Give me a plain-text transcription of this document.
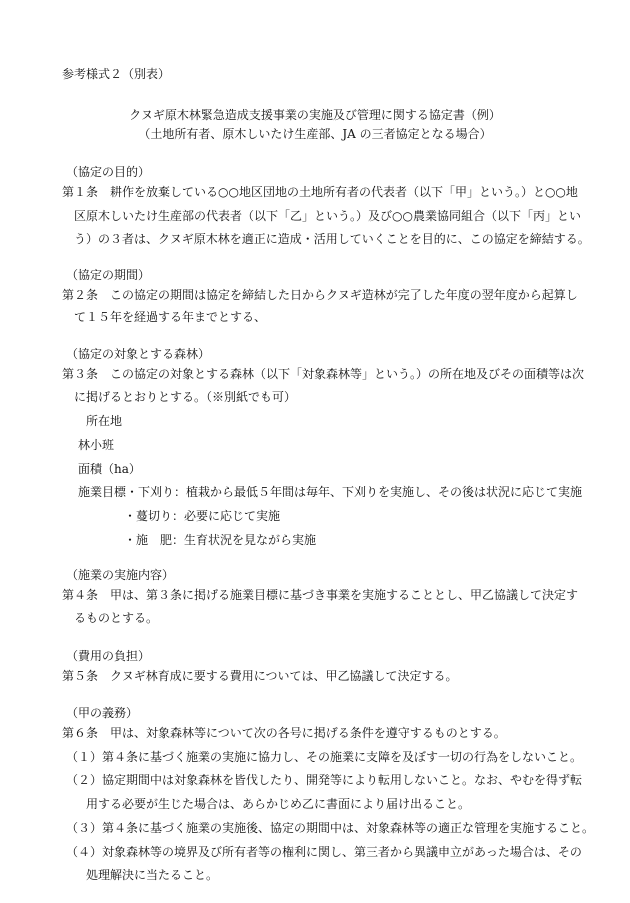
参考様式２（別表）
クヌギ原木林緊急造成支援事業の実施及び管理に関する協定書（例）
（土地所有者、原木しいたけ生産部、JA の三者協定となる場合）
（協定の目的）
第１条　耕作を放棄している○○地区団地の土地所有者の代表者（以下「甲」という。）と○○地
区原木しいたけ生産部の代表者（以下「乙」という。）及び○○農業協同組合（以下「丙」とい
う）の３者は、クヌギ原木林を適正に造成・活用していくことを目的に、この協定を締結する。
（協定の期間）
第２条　この協定の期間は協定を締結した日からクヌギ造林が完了した年度の翌年度から起算し
て１５年を経過する年までとする、
（協定の対象とする森林）
第３条　この協定の対象とする森林（以下「対象森林等」という。）の所在地及びその面積等は次
に掲げるとおりとする。（※別紙でも可）
所在地
林小班
面積（ha）
施業目標・下刈り：植栽から最低５年間は毎年、下刈りを実施し、その後は状況に応じて実施
・蔓切り：必要に応じて実施
・施　肥：生育状況を見ながら実施
（施業の実施内容）
第４条　甲は、第３条に掲げる施業目標に基づき事業を実施することとし、甲乙協議して決定す
るものとする。
（費用の負担）
第５条　クヌギ林育成に要する費用については、甲乙協議して決定する。
（甲の義務）
第６条　甲は、対象森林等について次の各号に掲げる条件を遵守するものとする。
（１）第４条に基づく施業の実施に協力し、その施業に支障を及ぼす一切の行為をしないこと。
（２）協定期間中は対象森林を皆伐したり、開発等により転用しないこと。なお、やむを得ず転
用する必要が生じた場合は、あらかじめ乙に書面により届け出ること。
（３）第４条に基づく施業の実施後、協定の期間中は、対象森林等の適正な管理を実施すること。
（４）対象森林等の境界及び所有者等の権利に関し、第三者から異議申立があった場合は、その
処理解決に当たること。
